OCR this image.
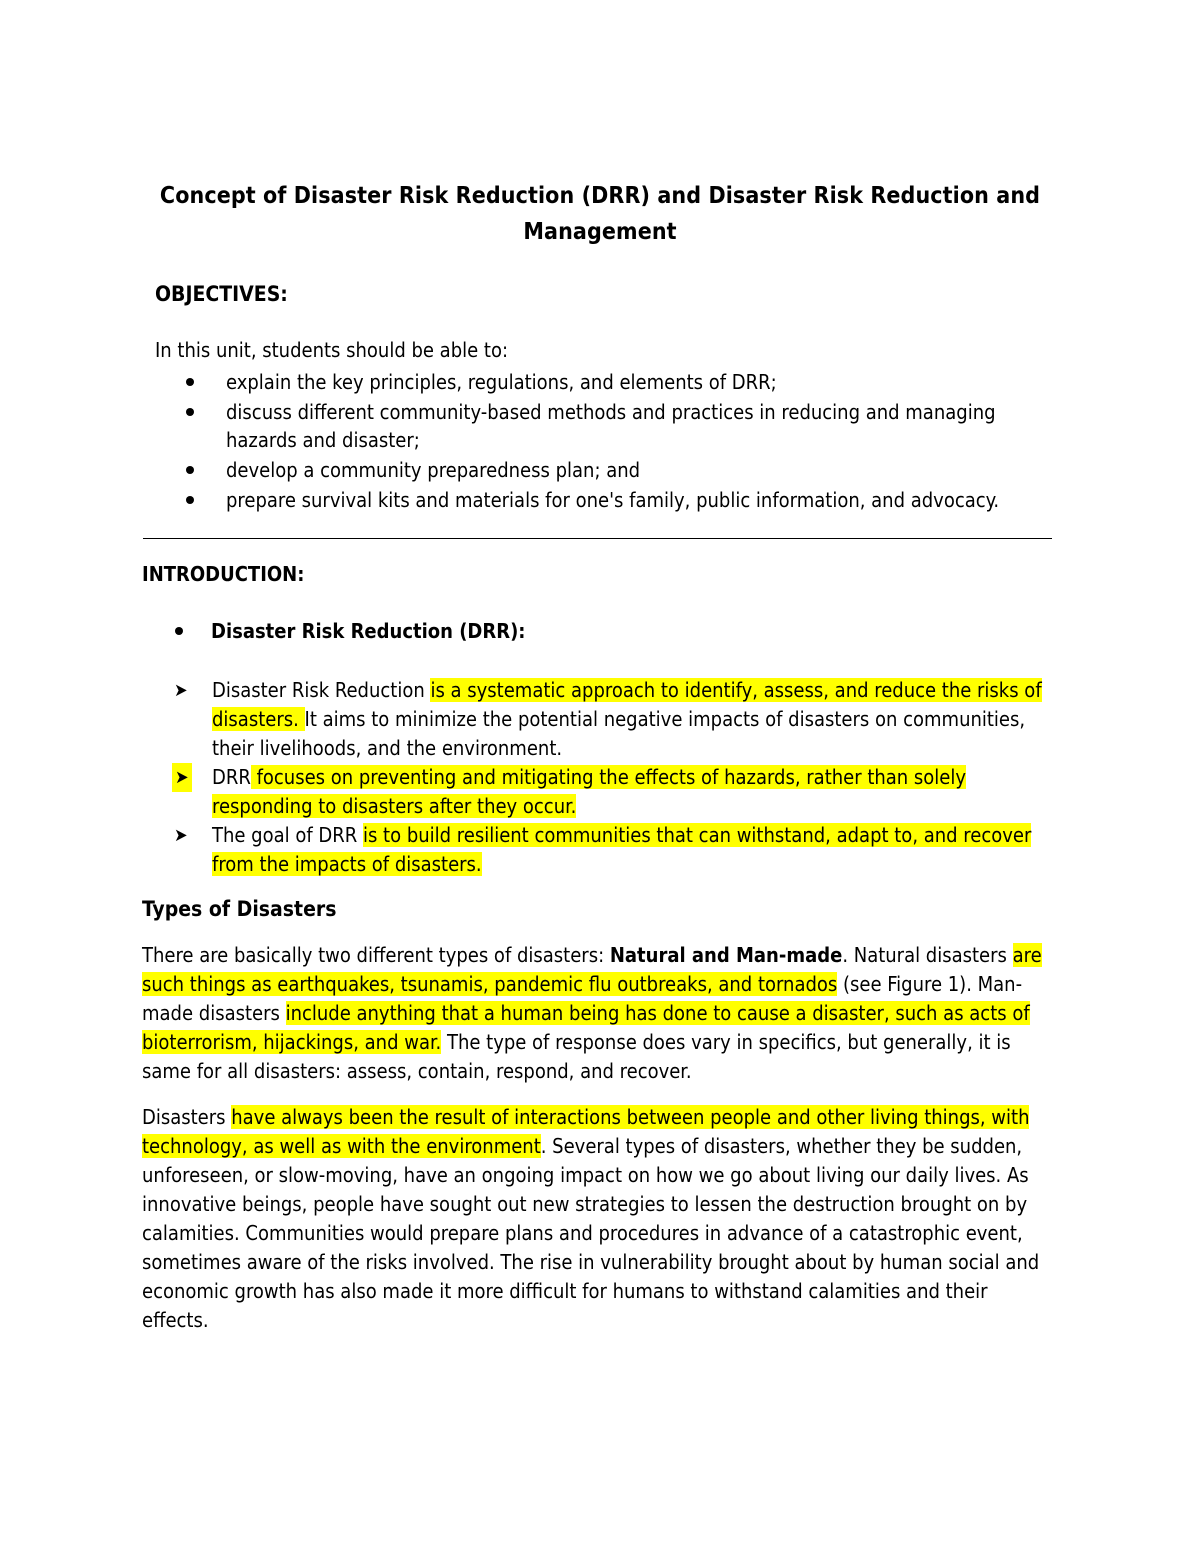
Concept of Disaster Risk Reduction (DRR) and Disaster Risk Reduction and
Management
OBJECTIVES:
In this unit, students should be able to:
explain the key principles, regulations, and elements of DRR;
discuss different community-based methods and practices in reducing and managing hazards and disaster;
develop a community preparedness plan; and
prepare survival kits and materials for one's family, public information, and advocacy.
INTRODUCTION:
Disaster Risk Reduction (DRR):
➤ Disaster Risk Reduction is a systematic approach to identify, assess, and reduce the risks of disasters. It aims to minimize the potential negative impacts of disasters on communities, their livelihoods, and the environment.
➤ DRR focuses on preventing and mitigating the effects of hazards, rather than solely responding to disasters after they occur.
➤ The goal of DRR is to build resilient communities that can withstand, adapt to, and recover from the impacts of disasters.
Types of Disasters

There are basically two different types of disasters: Natural and Man-made. Natural disasters are such things as earthquakes, tsunamis, pandemic flu outbreaks, and tornados (see Figure 1). Man-made disasters include anything that a human being has done to cause a disaster, such as acts of bioterrorism, hijackings, and war. The type of response does vary in specifics, but generally, it is same for all disasters: assess, contain, respond, and recover.

Disasters have always been the result of interactions between people and other living things, with technology, as well as with the environment. Several types of disasters, whether they be sudden, unforeseen, or slow-moving, have an ongoing impact on how we go about living our daily lives. As innovative beings, people have sought out new strategies to lessen the destruction brought on by calamities. Communities would prepare plans and procedures in advance of a catastrophic event, sometimes aware of the risks involved. The rise in vulnerability brought about by human social and economic growth has also made it more difficult for humans to withstand calamities and their effects.
